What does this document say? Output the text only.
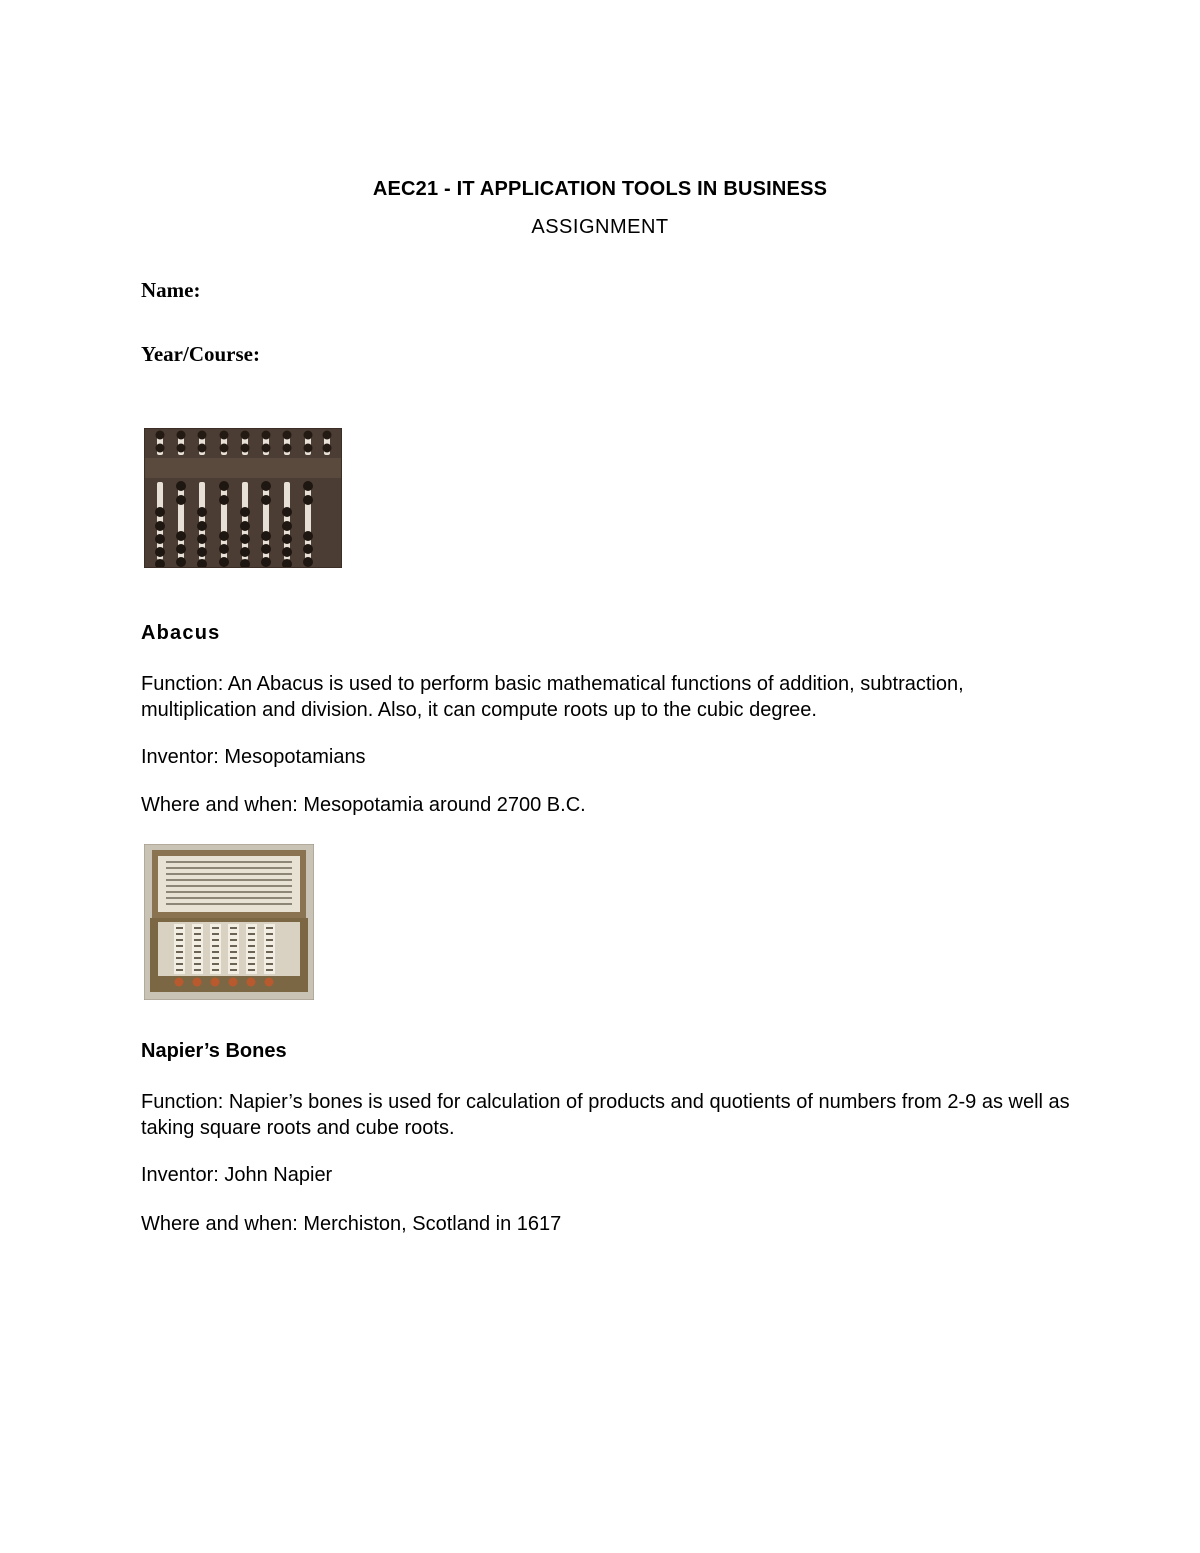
AEC21 - IT APPLICATION TOOLS IN BUSINESS
ASSIGNMENT
Name:
Year/Course:
Abacus
Function: An Abacus is used to perform basic mathematical functions of addition, subtraction, multiplication and division. Also, it can compute roots up to the cubic degree.
Inventor: Mesopotamians
Where and when: Mesopotamia around 2700 B.C.
Napier’s Bones
Function: Napier’s bones is used for calculation of products and quotients of numbers from 2-9 as well as taking square roots and cube roots.
Inventor: John Napier
Where and when: Merchiston, Scotland in 1617
